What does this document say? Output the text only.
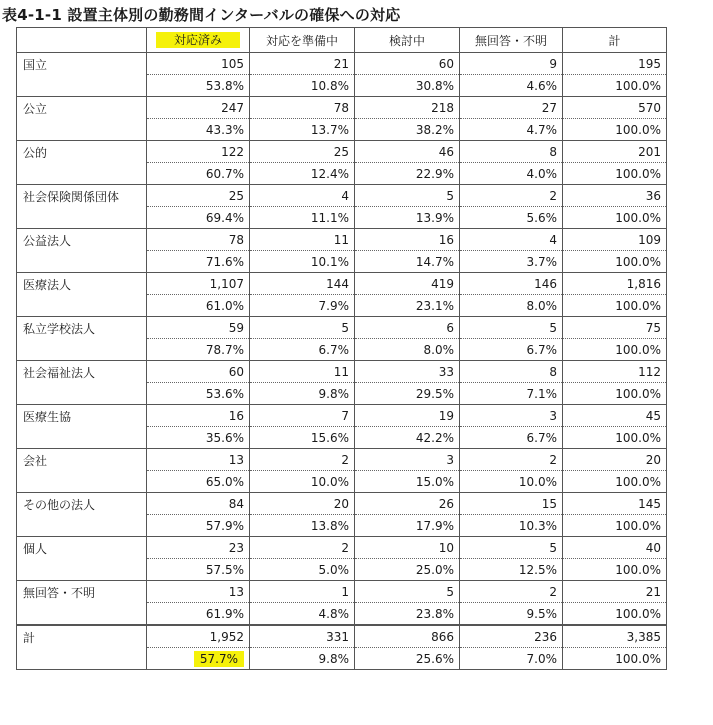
表4-1-1 設置主体別の勤務間インターバルの確保への対応
	対応済み	対応を準備中	検討中	無回答・不明	計
国立	105	21	60	9	195
	53.8%	10.8%	30.8%	4.6%	100.0%
公立	247	78	218	27	570
	43.3%	13.7%	38.2%	4.7%	100.0%
公的	122	25	46	8	201
	60.7%	12.4%	22.9%	4.0%	100.0%
社会保険関係団体	25	4	5	2	36
	69.4%	11.1%	13.9%	5.6%	100.0%
公益法人	78	11	16	4	109
	71.6%	10.1%	14.7%	3.7%	100.0%
医療法人	1,107	144	419	146	1,816
	61.0%	7.9%	23.1%	8.0%	100.0%
私立学校法人	59	5	6	5	75
	78.7%	6.7%	8.0%	6.7%	100.0%
社会福祉法人	60	11	33	8	112
	53.6%	9.8%	29.5%	7.1%	100.0%
医療生協	16	7	19	3	45
	35.6%	15.6%	42.2%	6.7%	100.0%
会社	13	2	3	2	20
	65.0%	10.0%	15.0%	10.0%	100.0%
その他の法人	84	20	26	15	145
	57.9%	13.8%	17.9%	10.3%	100.0%
個人	23	2	10	5	40
	57.5%	5.0%	25.0%	12.5%	100.0%
無回答・不明	13	1	5	2	21
	61.9%	4.8%	23.8%	9.5%	100.0%
計	1,952	331	866	236	3,385
	57.7%	9.8%	25.6%	7.0%	100.0%
